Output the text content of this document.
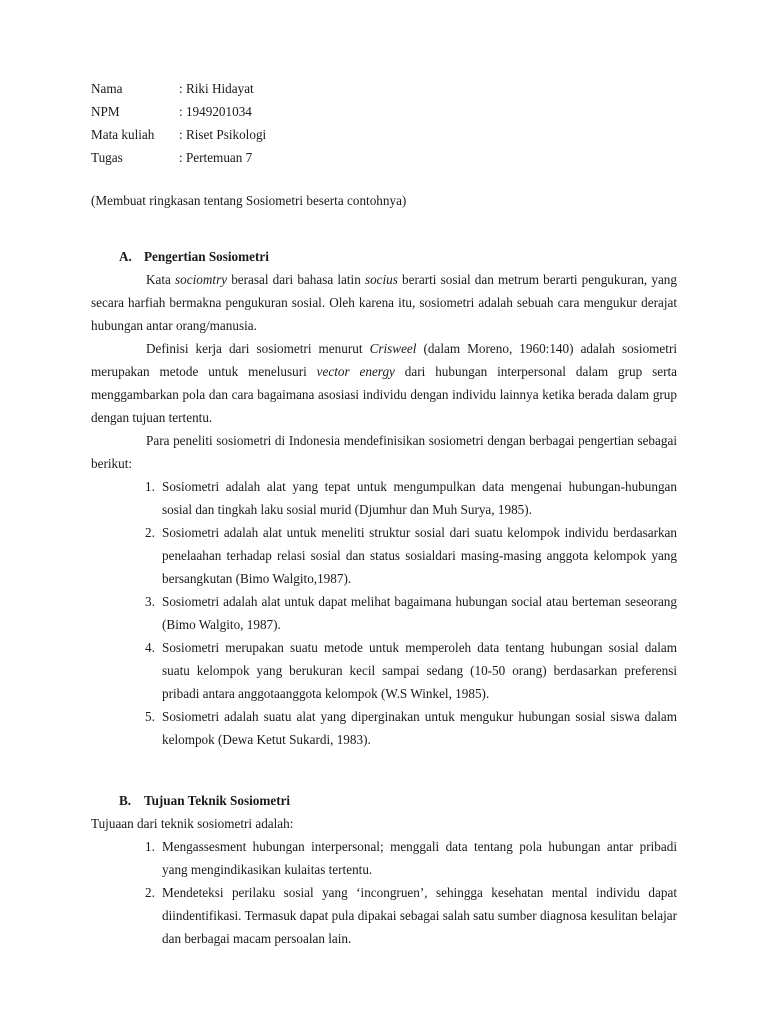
Nama	: Riki Hidayat
NPM	: 1949201034
Mata kuliah	: Riset Psikologi
Tugas	: Pertemuan 7
(Membuat ringkasan tentang Sosiometri beserta contohnya)
A. Pengertian Sosiometri

Kata sociomtry berasal dari bahasa latin socius berarti sosial dan metrum berarti pengukuran, yang secara harfiah bermakna pengukuran sosial. Oleh karena itu, sosiometri adalah sebuah cara mengukur derajat hubungan antar orang/manusia.

Definisi kerja dari sosiometri menurut Crisweel (dalam Moreno, 1960:140) adalah sosiometri merupakan metode untuk menelusuri vector energy dari hubungan interpersonal dalam grup serta menggambarkan pola dan cara bagaimana asosiasi individu dengan individu lainnya ketika berada dalam grup dengan tujuan tertentu.

Para peneliti sosiometri di Indonesia mendefinisikan sosiometri dengan berbagai pengertian sebagai berikut:

1. Sosiometri adalah alat yang tepat untuk mengumpulkan data mengenai hubungan-hubungan sosial dan tingkah laku sosial murid (Djumhur dan Muh Surya, 1985).
2. Sosiometri adalah alat untuk meneliti struktur sosial dari suatu kelompok individu berdasarkan penelaahan terhadap relasi sosial dan status sosialdari masing-masing anggota kelompok yang bersangkutan (Bimo Walgito,1987).
3. Sosiometri adalah alat untuk dapat melihat bagaimana hubungan social atau berteman seseorang (Bimo Walgito, 1987).
4. Sosiometri merupakan suatu metode untuk memperoleh data tentang hubungan sosial dalam suatu kelompok yang berukuran kecil sampai sedang (10-50 orang) berdasarkan preferensi pribadi antara anggotaanggota kelompok (W.S Winkel, 1985).
5. Sosiometri adalah suatu alat yang diperginakan untuk mengukur hubungan sosial siswa dalam kelompok (Dewa Ketut Sukardi, 1983).
B. Tujuan Teknik Sosiometri

Tujuaan dari teknik sosiometri adalah:

1. Mengassesment hubungan interpersonal; menggali data tentang pola hubungan antar pribadi yang mengindikasikan kulaitas tertentu.
2. Mendeteksi perilaku sosial yang ‘incongruen’, sehingga kesehatan mental individu dapat diindentifikasi. Termasuk dapat pula dipakai sebagai salah satu sumber diagnosa kesulitan belajar dan berbagai macam persoalan lain.
